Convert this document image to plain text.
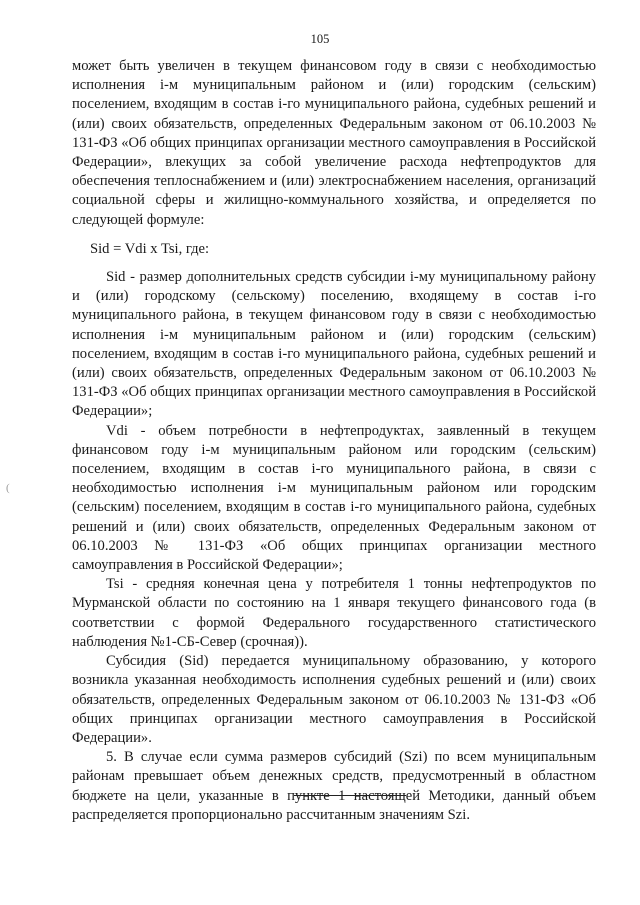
105
(

может быть увеличен в текущем финансовом году в связи с необходимостью исполнения i-м муниципальным районом и (или) городским (сельским) поселением, входящим в состав i-го муниципального района, судебных решений и (или) своих обязательств, определенных Федеральным законом от 06.10.2003 № 131-ФЗ «Об общих принципах организации местного самоуправления в Российской Федерации», влекущих за собой увеличение расхода нефтепродуктов для обеспечения теплоснабжением и (или) электроснабжением населения, организаций социальной сферы и жилищно-коммунального хозяйства, и определяется по следующей формуле:

Sid = Vdi x Tsi, где:

Sid - размер дополнительных средств субсидии i-му муниципальному району и (или) городскому (сельскому) поселению, входящему в состав i-го муниципального района, в текущем финансовом году в связи с необходимостью исполнения i-м муниципальным районом и (или) городским (сельским) поселением, входящим в состав i-го муниципального района, судебных решений и (или) своих обязательств, определенных Федеральным законом от 06.10.2003 № 131-ФЗ «Об общих принципах организации местного самоуправления в Российской Федерации»;

Vdi - объем потребности в нефтепродуктах, заявленный в текущем финансовом году i-м муниципальным районом или городским (сельским) поселением, входящим в состав i-го муниципального района, в связи с необходимостью исполнения i-м муниципальным районом или городским (сельским) поселением, входящим в состав i-го муниципального района, судебных решений и (или) своих обязательств, определенных Федеральным законом от 06.10.2003 № 131-ФЗ «Об общих принципах организации местного самоуправления в Российской Федерации»;

Tsi - средняя конечная цена у потребителя 1 тонны нефтепродуктов по Мурманской области по состоянию на 1 января текущего финансового года (в соответствии с формой Федерального государственного статистического наблюдения №1-СБ-Север (срочная)).

Субсидия (Sid) передается муниципальному образованию, у которого возникла указанная необходимость исполнения судебных решений и (или) своих обязательств, определенных Федеральным законом от 06.10.2003 № 131-ФЗ «Об общих принципах организации местного самоуправления в Российской Федерации».

5. В случае если сумма размеров субсидий (Szi) по всем муниципальным районам превышает объем денежных средств, предусмотренный в областном бюджете на цели, указанные в пункте 1 настоящей Методики, данный объем распределяется пропорционально рассчитанным значениям Szi.
